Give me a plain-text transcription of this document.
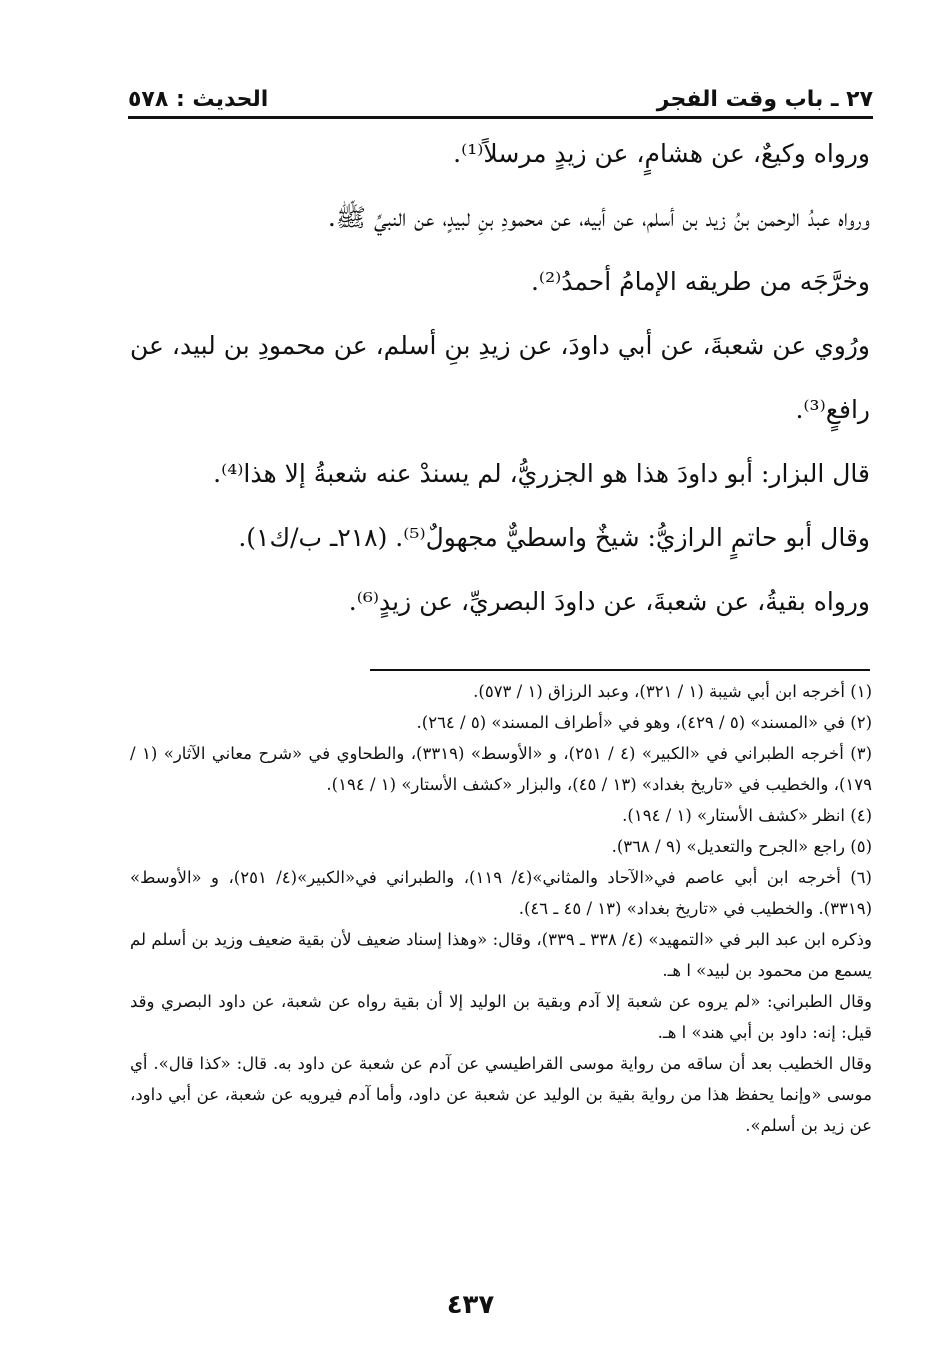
٢٧ ـ باب وقت الفجر
الحديث : ٥٧٨

ورواه وكيعٌ، عن هشامٍ، عن زيدٍ مرسلاً⁽¹⁾.

ورواه عبدُ الرحمن بنُ زيد بن أسلم، عن أبيه، عن محمودِ بنِ لبيدٍ، عن النبيِّ ﷺ.

وخرَّجَه من طريقه الإمامُ أحمدُ⁽²⁾.

ورُوي عن شعبةَ، عن أبي داودَ، عن زيدِ بنِ أسلم، عن محمودِ بن لبيد، عن رافعٍ⁽³⁾.

قال البزار: أبو داودَ هذا هو الجزريُّ، لم يسندْ عنه شعبةُ إلا هذا⁽⁴⁾.

وقال أبو حاتمٍ الرازيُّ: شيخٌ واسطيٌّ مجهولٌ⁽⁵⁾. (٢١٨ـ ب/ك١).

ورواه بقيةُ، عن شعبةَ، عن داودَ البصريِّ، عن زيدٍ⁽⁶⁾.

(١) أخرجه ابن أبي شيبة (١ / ٣٢١)، وعبد الرزاق (١ / ٥٧٣).

(٢) في «المسند» (٥ / ٤٢٩)، وهو في «أطراف المسند» (٥ / ٢٦٤).

(٣) أخرجه الطبراني في «الكبير» (٤ / ٢٥١)، و «الأوسط» (٣٣١٩)، والطحاوي في «شرح معاني الآثار» (١ / ١٧٩)، والخطيب في «تاريخ بغداد» (١٣ / ٤٥)، والبزار «كشف الأستار» (١ / ١٩٤).

(٤) انظر «كشف الأستار» (١ / ١٩٤).

(٥) راجع «الجرح والتعديل» (٩ / ٣٦٨).

(٦) أخرجه ابن أبي عاصم في«الآحاد والمثاني»(٤/ ١١٩)، والطبراني في«الكبير»(٤/ ٢٥١)، و «الأوسط» (٣٣١٩). والخطيب في «تاريخ بغداد» (١٣ / ٤٥ ـ ٤٦).

وذكره ابن عبد البر في «التمهيد» (٤/ ٣٣٨ ـ ٣٣٩)، وقال: «وهذا إسناد ضعيف لأن بقية ضعيف وزيد بن أسلم لم يسمع من محمود بن لبيد» ا هـ.

وقال الطبراني: «لم يروه عن شعبة إلا آدم وبقية بن الوليد إلا أن بقية رواه عن شعبة، عن داود البصري وقد قيل: إنه: داود بن أبي هند» ا هـ.

وقال الخطيب بعد أن ساقه من رواية موسى القراطيسي عن آدم عن شعبة عن داود به. قال: «كذا قال». أي موسى «وإنما يحفظ هذا من رواية بقية بن الوليد عن شعبة عن داود، وأما آدم فيرويه عن شعبة، عن أبي داود، عن زيد بن أسلم».

٤٣٧
